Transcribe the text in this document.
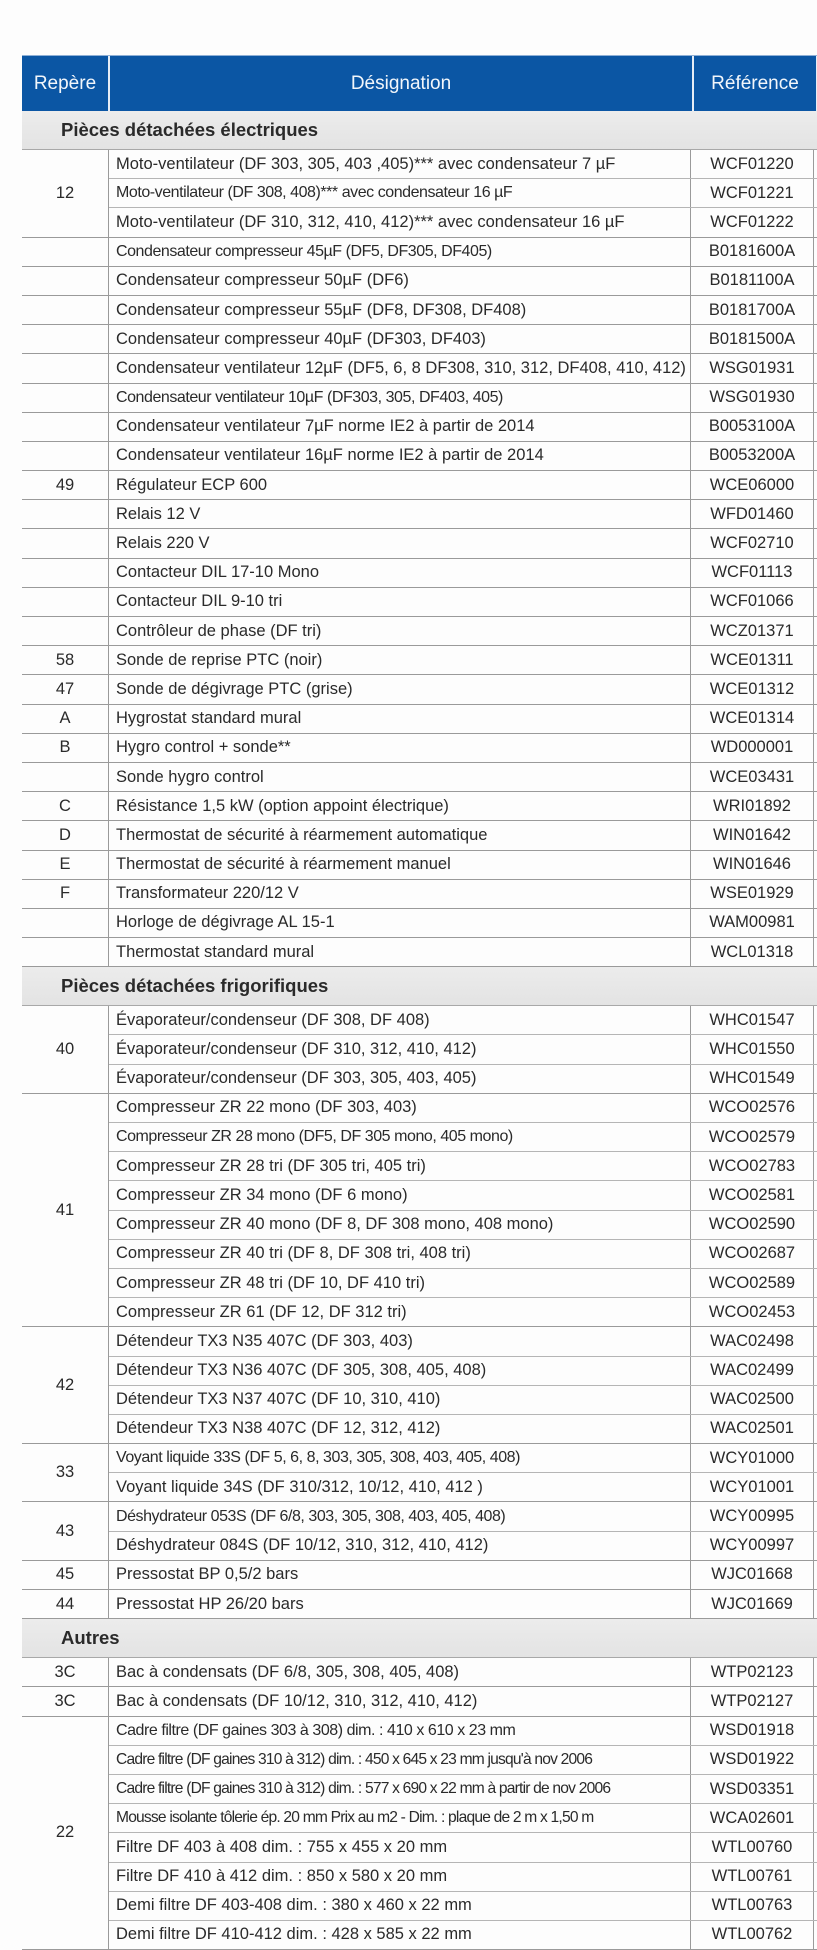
Repère	Désignation	Référence
Pièces détachées électriques
12
Moto-ventilateur (DF 303, 305, 403 ,405)*** avec condensateur 7 µF	WCF01220
Moto-ventilateur (DF 308, 408)*** avec condensateur 16 µF	WCF01221
Moto-ventilateur (DF 310, 312, 410, 412)*** avec condensateur 16 µF	WCF01222
Condensateur compresseur 45µF (DF5, DF305, DF405)	B0181600A
Condensateur compresseur 50µF (DF6)	B0181100A
Condensateur compresseur 55µF (DF8, DF308, DF408)	B0181700A
Condensateur compresseur 40µF (DF303, DF403)	B0181500A
Condensateur ventilateur 12µF (DF5, 6, 8 DF308, 310, 312, DF408, 410, 412)	WSG01931
Condensateur ventilateur 10µF (DF303, 305, DF403, 405)	WSG01930
Condensateur ventilateur 7µF norme IE2 à partir de 2014	B0053100A
Condensateur ventilateur 16µF norme IE2 à partir de 2014	B0053200A
49	Régulateur ECP 600	WCE06000
Relais 12 V	WFD01460
Relais 220 V	WCF02710
Contacteur DIL 17-10 Mono	WCF01113
Contacteur DIL 9-10 tri	WCF01066
Contrôleur de phase (DF tri)	WCZ01371
58	Sonde de reprise PTC (noir)	WCE01311
47	Sonde de dégivrage PTC (grise)	WCE01312
A	Hygrostat standard mural	WCE01314
B	Hygro control + sonde**	WD000001
Sonde hygro control	WCE03431
C	Résistance 1,5 kW (option appoint électrique)	WRI01892
D	Thermostat de sécurité à réarmement automatique	WIN01642
E	Thermostat de sécurité à réarmement manuel	WIN01646
F	Transformateur 220/12 V	WSE01929
Horloge de dégivrage AL 15-1	WAM00981
Thermostat standard mural	WCL01318
Pièces détachées frigorifiques
40
Évaporateur/condenseur (DF 308, DF 408)	WHC01547
Évaporateur/condenseur (DF 310, 312, 410, 412)	WHC01550
Évaporateur/condenseur (DF 303, 305, 403, 405)	WHC01549
41
Compresseur ZR 22 mono (DF 303, 403)	WCO02576
Compresseur ZR 28 mono (DF5, DF 305 mono, 405 mono)	WCO02579
Compresseur ZR 28 tri (DF 305 tri, 405 tri)	WCO02783
Compresseur ZR 34 mono (DF 6 mono)	WCO02581
Compresseur ZR 40 mono (DF 8, DF 308 mono, 408 mono)	WCO02590
Compresseur ZR 40 tri (DF 8, DF 308 tri, 408 tri)	WCO02687
Compresseur ZR 48 tri (DF 10, DF 410 tri)	WCO02589
Compresseur ZR 61 (DF 12, DF 312 tri)	WCO02453
42
Détendeur TX3 N35 407C (DF 303, 403)	WAC02498
Détendeur TX3 N36 407C (DF 305, 308, 405, 408)	WAC02499
Détendeur TX3 N37 407C (DF 10, 310, 410)	WAC02500
Détendeur TX3 N38 407C (DF 12, 312, 412)	WAC02501
33
Voyant liquide 33S (DF 5, 6, 8, 303, 305, 308, 403, 405, 408)	WCY01000
Voyant liquide 34S (DF 310/312, 10/12, 410, 412 )	WCY01001
43
Déshydrateur 053S (DF 6/8, 303, 305, 308, 403, 405, 408)	WCY00995
Déshydrateur 084S (DF 10/12, 310, 312, 410, 412)	WCY00997
45	Pressostat BP 0,5/2 bars	WJC01668
44	Pressostat HP 26/20 bars	WJC01669
Autres
3C	Bac à condensats (DF 6/8, 305, 308, 405, 408)	WTP02123
3C	Bac à condensats (DF 10/12, 310, 312, 410, 412)	WTP02127
22
Cadre filtre (DF gaines 303 à 308) dim. : 410 x 610 x 23 mm	WSD01918
Cadre filtre (DF gaines 310 à 312) dim. : 450 x 645 x 23 mm jusqu'à nov 2006	WSD01922
Cadre filtre (DF gaines 310 à 312) dim. : 577 x 690 x 22 mm à partir de nov 2006	WSD03351
Mousse isolante tôlerie ép. 20 mm Prix au m2 - Dim. : plaque de 2 m x 1,50 m	WCA02601
Filtre DF 403 à 408 dim. : 755 x 455 x 20 mm	WTL00760
Filtre DF 410 à 412 dim. : 850 x 580 x 20 mm	WTL00761
Demi filtre DF 403-408 dim. : 380 x 460 x 22 mm	WTL00763
Demi filtre DF 410-412 dim. : 428 x 585 x 22 mm	WTL00762
